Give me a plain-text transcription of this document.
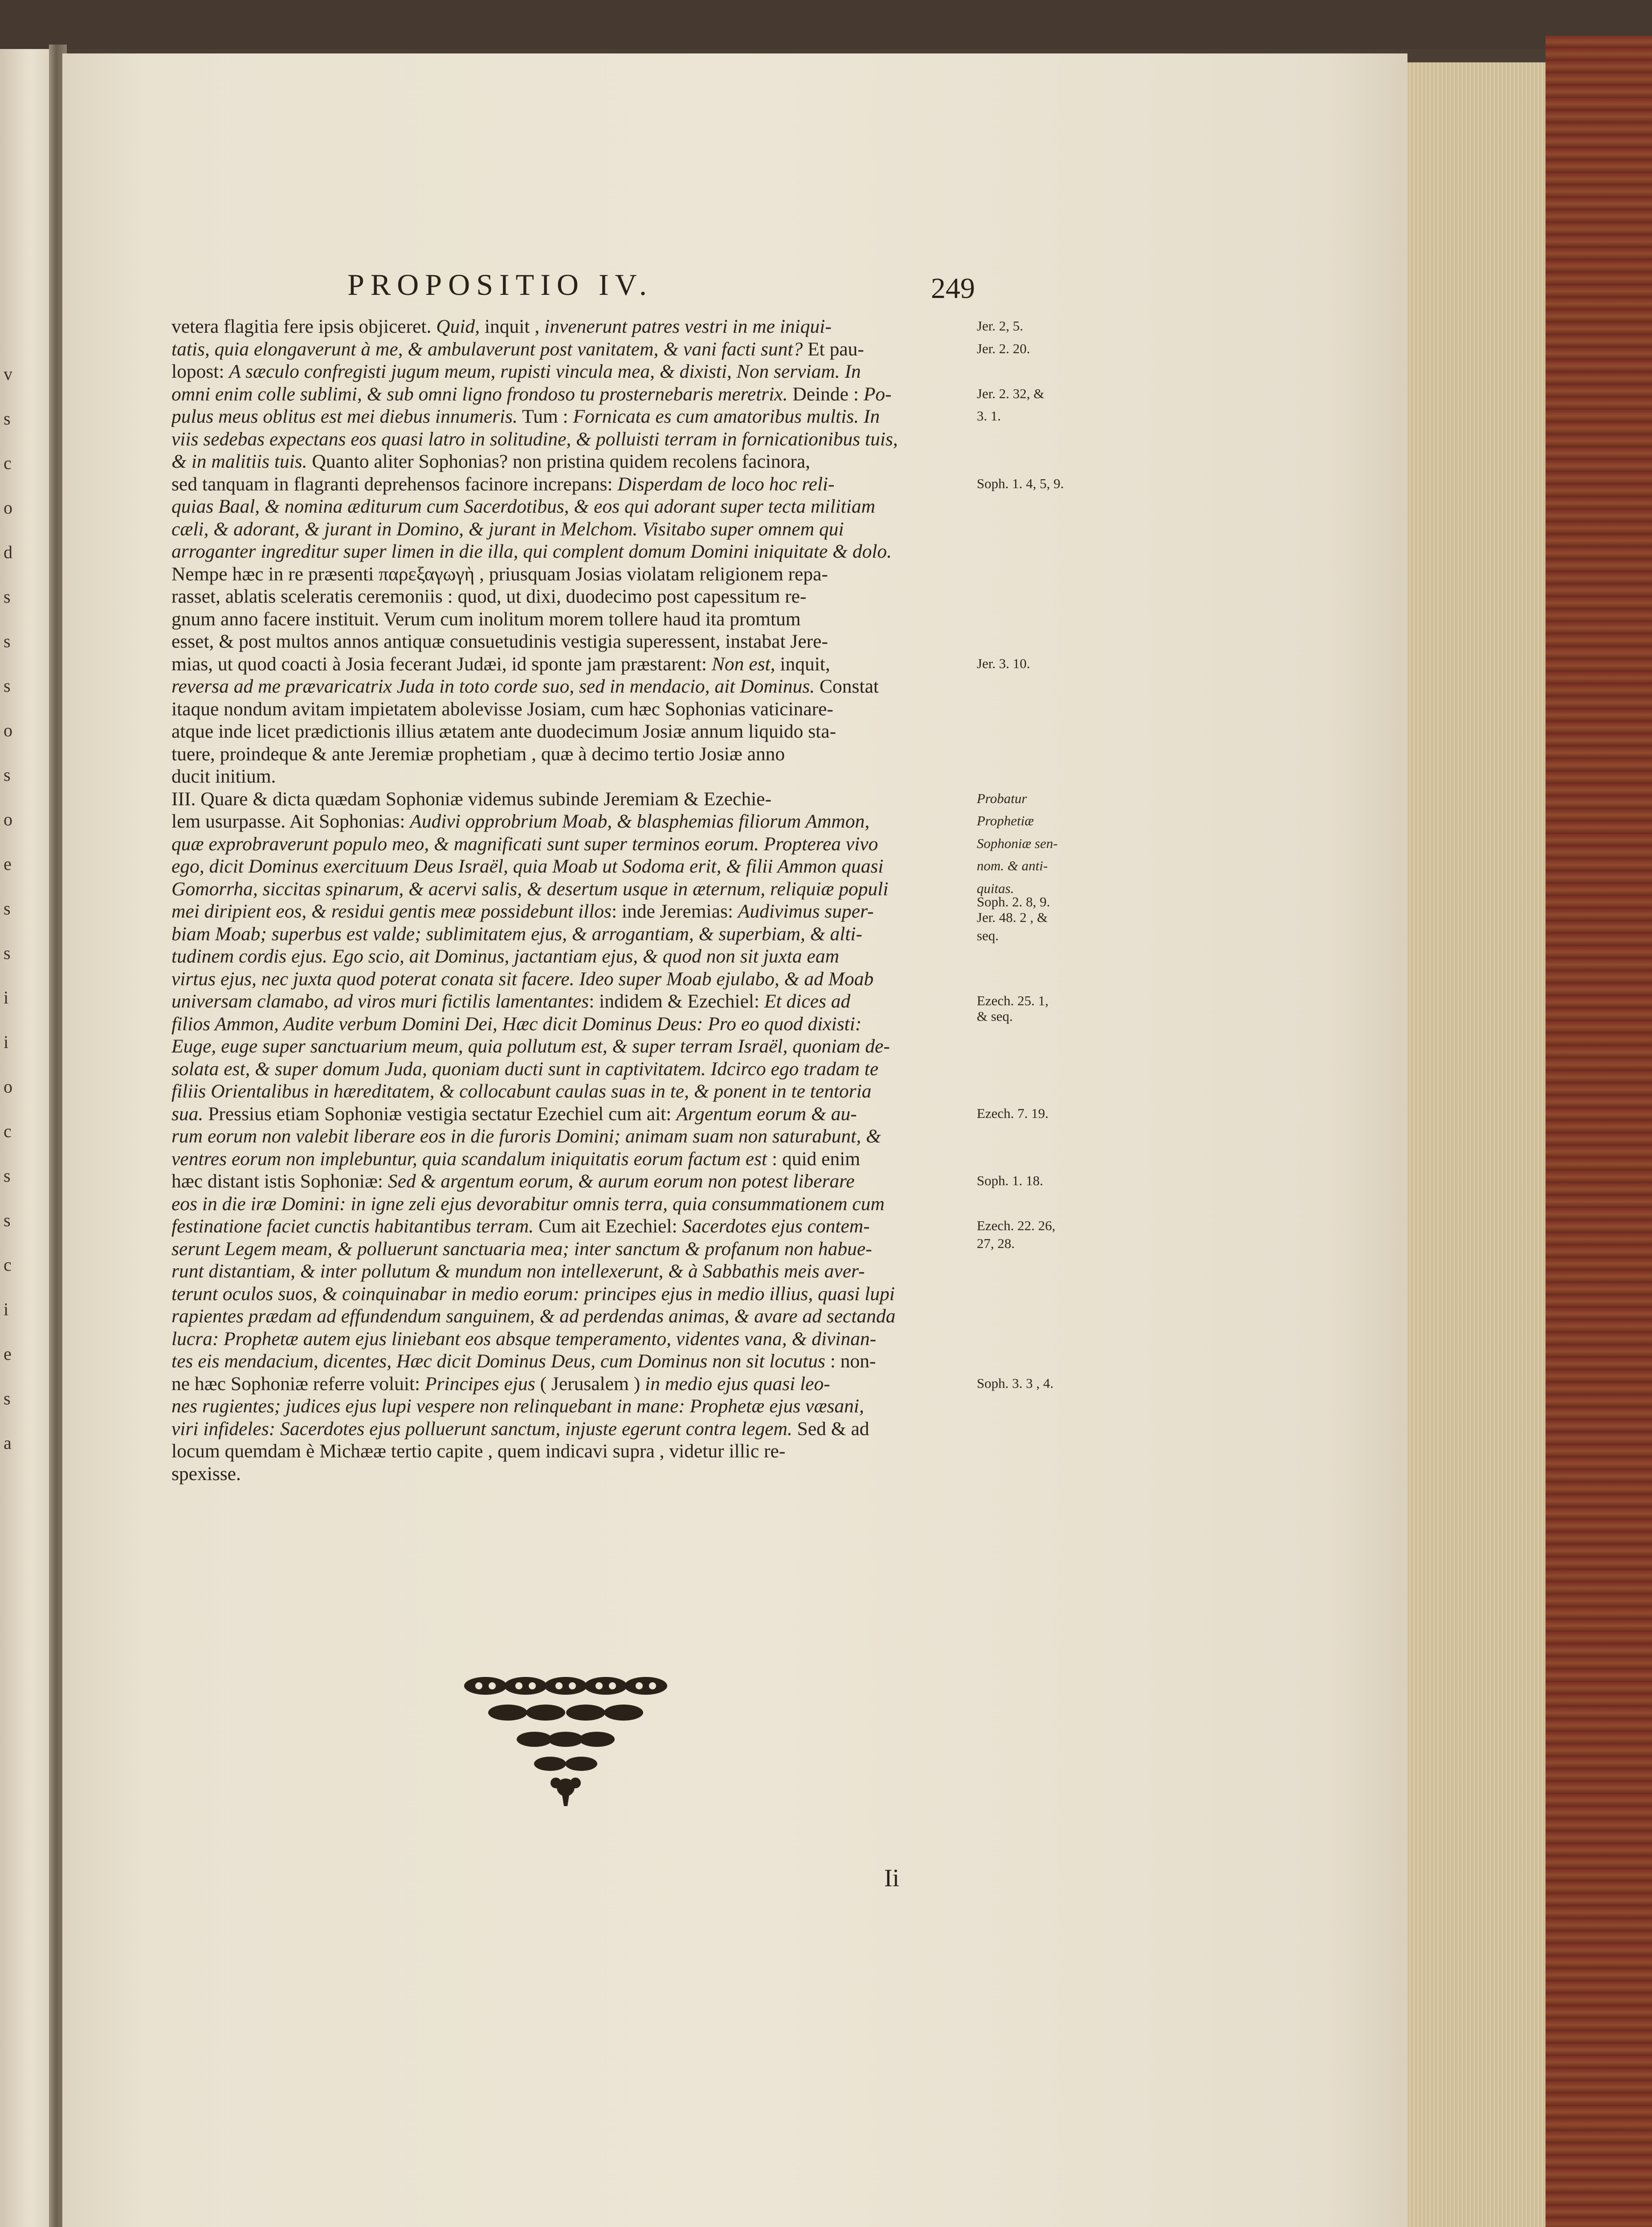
v
s
c
o
d
s
s
s
o
s
o
e
s
s
i
i
o
c
s
s
c
i
e
s
a
PROPOSITIO IV.	249
vetera flagitia fere ipsis objiceret. Quid, inquit , invenerunt patres vestri in me iniqui-
tatis, quia elongaverunt à me, & ambulaverunt post vanitatem, & vani facti sunt? Et pau-
lopost: A sæculo confregisti jugum meum, rupisti vincula mea, & dixisti, Non serviam. In
omni enim colle sublimi, & sub omni ligno frondoso tu prosternebaris meretrix. Deinde : Po-
pulus meus oblitus est mei diebus innumeris. Tum : Fornicata es cum amatoribus multis. In
viis sedebas expectans eos quasi latro in solitudine, & polluisti terram in fornicationibus tuis,
& in malitiis tuis. Quanto aliter Sophonias? non pristina quidem recolens facinora,
sed tanquam in flagranti deprehensos facinore increpans: Disperdam de loco hoc reli-
quias Baal, & nomina æditurum cum Sacerdotibus, & eos qui adorant super tecta militiam
cæli, & adorant, & jurant in Domino, & jurant in Melchom. Visitabo super omnem qui
arroganter ingreditur super limen in die illa, qui complent domum Domini iniquitate & dolo.
Nempe hæc in re præsenti παρεξαγωγὴ , priusquam Josias violatam religionem repa-
rasset, ablatis sceleratis ceremoniis : quod, ut dixi, duodecimo post capessitum re-
gnum anno facere instituit. Verum cum inolitum morem tollere haud ita promtum
esset, & post multos annos antiquæ consuetudinis vestigia superessent, instabat Jere-
mias, ut quod coacti à Josia fecerant Judæi, id sponte jam præstarent: Non est, inquit,
reversa ad me prævaricatrix Juda in toto corde suo, sed in mendacio, ait Dominus. Constat
itaque nondum avitam impietatem abolevisse Josiam, cum hæc Sophonias vaticinare-
atque inde licet prædictionis illius ætatem ante duodecimum Josiæ annum liquido sta-
tuere, proindeque & ante Jeremiæ prophetiam , quæ à decimo tertio Josiæ anno
ducit initium.
III. Quare & dicta quædam Sophoniæ videmus subinde Jeremiam & Ezechie-
lem usurpasse. Ait Sophonias: Audivi opprobrium Moab, & blasphemias filiorum Ammon,
quæ exprobraverunt populo meo, & magnificati sunt super terminos eorum. Propterea vivo
ego, dicit Dominus exercituum Deus Israël, quia Moab ut Sodoma erit, & filii Ammon quasi
Gomorrha, siccitas spinarum, & acervi salis, & desertum usque in æternum, reliquiæ populi
mei diripient eos, & residui gentis meæ possidebunt illos: inde Jeremias: Audivimus super-
biam Moab; superbus est valde; sublimitatem ejus, & arrogantiam, & superbiam, & alti-
tudinem cordis ejus. Ego scio, ait Dominus, jactantiam ejus, & quod non sit juxta eam
virtus ejus, nec juxta quod poterat conata sit facere. Ideo super Moab ejulabo, & ad Moab
universam clamabo, ad viros muri fictilis lamentantes: indidem & Ezechiel: Et dices ad
filios Ammon, Audite verbum Domini Dei, Hæc dicit Dominus Deus: Pro eo quod dixisti:
Euge, euge super sanctuarium meum, quia pollutum est, & super terram Israël, quoniam de-
solata est, & super domum Juda, quoniam ducti sunt in captivitatem. Idcirco ego tradam te
filiis Orientalibus in hæreditatem, & collocabunt caulas suas in te, & ponent in te tentoria
sua. Pressius etiam Sophoniæ vestigia sectatur Ezechiel cum ait: Argentum eorum & au-
rum eorum non valebit liberare eos in die furoris Domini; animam suam non saturabunt, &
ventres eorum non implebuntur, quia scandalum iniquitatis eorum factum est : quid enim
hæc distant istis Sophoniæ: Sed & argentum eorum, & aurum eorum non potest liberare
eos in die iræ Domini: in igne zeli ejus devorabitur omnis terra, quia consummationem cum
festinatione faciet cunctis habitantibus terram. Cum ait Ezechiel: Sacerdotes ejus contem-
serunt Legem meam, & polluerunt sanctuaria mea; inter sanctum & profanum non habue-
runt distantiam, & inter pollutum & mundum non intellexerunt, & à Sabbathis meis aver-
terunt oculos suos, & coinquinabar in medio eorum: principes ejus in medio illius, quasi lupi
rapientes prædam ad effundendum sanguinem, & ad perdendas animas, & avare ad sectanda
lucra: Prophetæ autem ejus liniebant eos absque temperamento, videntes vana, & divinan-
tes eis mendacium, dicentes, Hæc dicit Dominus Deus, cum Dominus non sit locutus : non-
ne hæc Sophoniæ referre voluit: Principes ejus ( Jerusalem ) in medio ejus quasi leo-
nes rugientes; judices ejus lupi vespere non relinquebant in mane: Prophetæ ejus væsani,
viri infideles: Sacerdotes ejus polluerunt sanctum, injuste egerunt contra legem. Sed & ad
locum quemdam è Michææ tertio capite , quem indicavi supra , videtur illic re-
spexisse.
Jer. 2, 5.
Jer. 2. 20.
Jer. 2. 32, &
3. 1.
Soph. 1. 4, 5, 9.
Jer. 3. 10.
Probatur
Prophetiæ
Sophoniæ sen-
nom. & anti-
quitas.
Soph. 2. 8, 9.
Jer. 48. 2 , &
seq.
Ezech. 25. 1,
& seq.
Ezech. 7. 19.
Soph. 1. 18.
Ezech. 22. 26,
27, 28.
Soph. 3. 3 , 4.
Ii
